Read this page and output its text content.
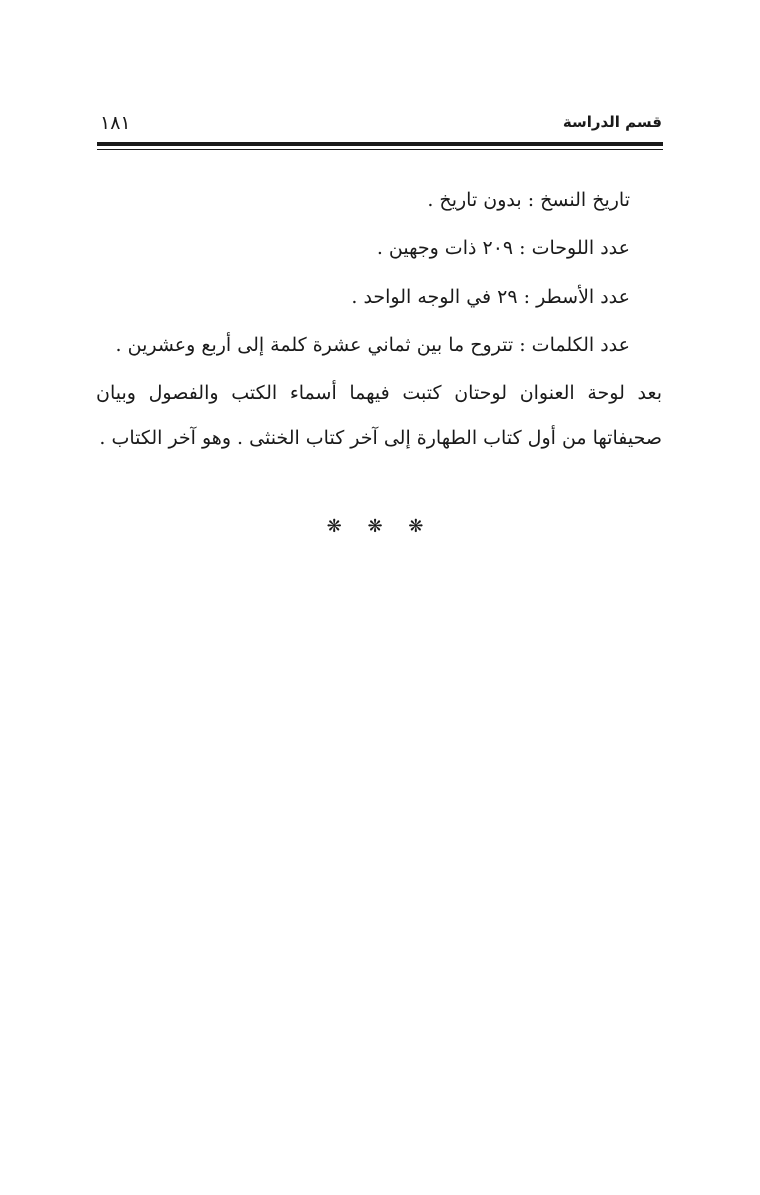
قسم الدراسة
١٨١
تاريخ النسخ : بدون تاريخ .
عدد اللوحات : ٢٠٩ ذات وجهين .
عدد الأسطر : ٢٩ في الوجه الواحد .
عدد الكلمات : تتروح ما بين ثماني عشرة كلمة إلى أربع وعشرين .
بعد لوحة العنوان لوحتان كتبت فيهما أسماء الكتب والفصول وبيان
صحيفاتها من أول كتاب الطهارة إلى آخر كتاب الخنثى . وهو آخر الكتاب .
❋ ❋ ❋
